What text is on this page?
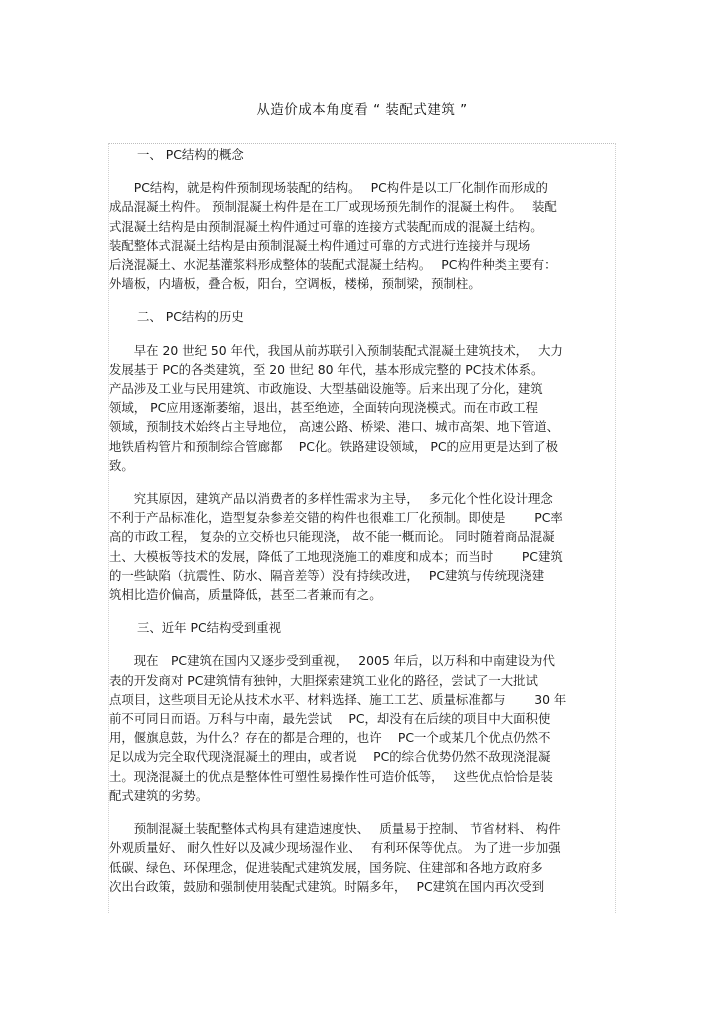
从造价成本角度看 “ 装配式建筑 ”

一、 PC结构的概念

　　PC结构，就是构件预制现场装配的结构。　 PC构件是以工厂化制作而形成的
成品混凝土构件。 预制混凝土构件是在工厂或现场预先制作的混凝土构件。　 装配
式混凝土结构是由预制混凝土构件通过可靠的连接方式装配而成的混凝土结构。
装配整体式混凝土结构是由预制混凝土构件通过可靠的方式进行连接并与现场
后浇混凝土、水泥基灌浆料形成整体的装配式混凝土结构。　 PC构件种类主要有：
外墙板，内墙板，叠合板，阳台，空调板，楼梯，预制梁，预制柱。

二、 PC结构的历史

　　早在 20 世纪 50 年代，我国从前苏联引入预制装配式混凝土建筑技术，　 大力
发展基于 PC的各类建筑，至 20 世纪 80 年代，基本形成完整的 PC技术体系。
产品涉及工业与民用建筑、市政施设、大型基础设施等。后来出现了分化，建筑
领域， PC应用逐渐萎缩，退出，甚至绝迹，全面转向现浇模式。而在市政工程
领域，预制技术始终占主导地位， 高速公路、桥梁、港口、城市高架、地下管道、
地铁盾构管片和预制综合管廊都　 PC化。铁路建设领域， PC的应用更是达到了极
致。

　　究其原因，建筑产品以消费者的多样性需求为主导，　 多元化个性化设计理念
不利于产品标准化，造型复杂参差交错的构件也很难工厂化预制。即使是　　 PC率
高的市政工程， 复杂的立交桥也只能现浇， 故不能一概而论。 同时随着商品混凝
土、大模板等技术的发展，降低了工地现浇施工的难度和成本；而当时　　 PC建筑
的一些缺陷（抗震性、防水、隔音差等）没有持续改进，　 PC建筑与传统现浇建
筑相比造价偏高，质量降低，甚至二者兼而有之。

三、近年 PC结构受到重视

　　现在　PC建筑在国内又逐步受到重视，　 2005 年后，以万科和中南建设为代
表的开发商对 PC建筑情有独钟，大胆探索建筑工业化的路径，尝试了一大批试
点项目，这些项目无论从技术水平、材料选择、施工工艺、质量标准都与　　 30 年
前不可同日而语。万科与中南，最先尝试　 PC，却没有在后续的项目中大面积使
用，偃旗息鼓，为什么？存在的都是合理的，也许　 PC一个或某几个优点仍然不
足以成为完全取代现浇混凝土的理由，或者说　 PC的综合优势仍然不敌现浇混凝
土。现浇混凝土的优点是整体性可塑性易操作性可造价低等，　 这些优点恰恰是装
配式建筑的劣势。

　　预制混凝土装配整体式构具有建造速度快、　 质量易于控制、 节省材料、 构件
外观质量好、 耐久性好以及减少现场湿作业、　 有利环保等优点。 为了进一步加强
低碳、绿色、环保理念，促进装配式建筑发展，国务院、住建部和各地方政府多
次出台政策，鼓励和强制使用装配式建筑。时隔多年，　 PC建筑在国内再次受到
